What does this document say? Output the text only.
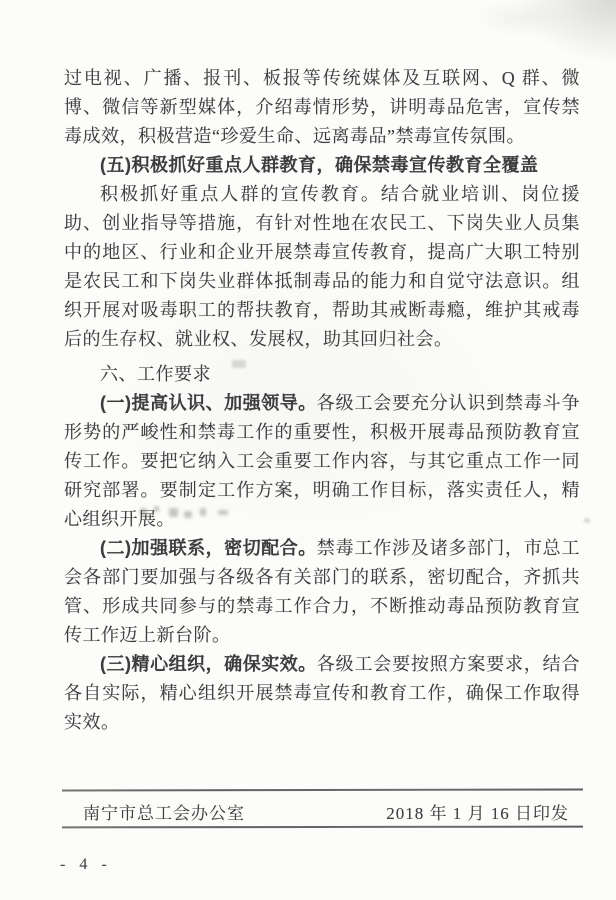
过电视、广播、报刊、板报等传统媒体及互联网、Q 群、微博、微信等新型媒体，介绍毒情形势，讲明毒品危害，宣传禁毒成效，积极营造“珍爱生命、远离毒品”禁毒宣传氛围。

(五)积极抓好重点人群教育，确保禁毒宣传教育全覆盖

积极抓好重点人群的宣传教育。结合就业培训、岗位援助、创业指导等措施，有针对性地在农民工、下岗失业人员集中的地区、行业和企业开展禁毒宣传教育，提高广大职工特别是农民工和下岗失业群体抵制毒品的能力和自觉守法意识。组织开展对吸毒职工的帮扶教育，帮助其戒断毒瘾，维护其戒毒后的生存权、就业权、发展权，助其回归社会。

六、工作要求

(一)提高认识、加强领导。各级工会要充分认识到禁毒斗争形势的严峻性和禁毒工作的重要性，积极开展毒品预防教育宣传工作。要把它纳入工会重要工作内容，与其它重点工作一同研究部署。要制定工作方案，明确工作目标，落实责任人，精心组织开展。

(二)加强联系，密切配合。禁毒工作涉及诸多部门，市总工会各部门要加强与各级各有关部门的联系，密切配合，齐抓共管、形成共同参与的禁毒工作合力，不断推动毒品预防教育宣传工作迈上新台阶。

(三)精心组织，确保实效。各级工会要按照方案要求，结合各自实际，精心组织开展禁毒宣传和教育工作，确保工作取得实效。

南宁市总工会办公室	2018 年 1 月 16 日印发
- 4 -
